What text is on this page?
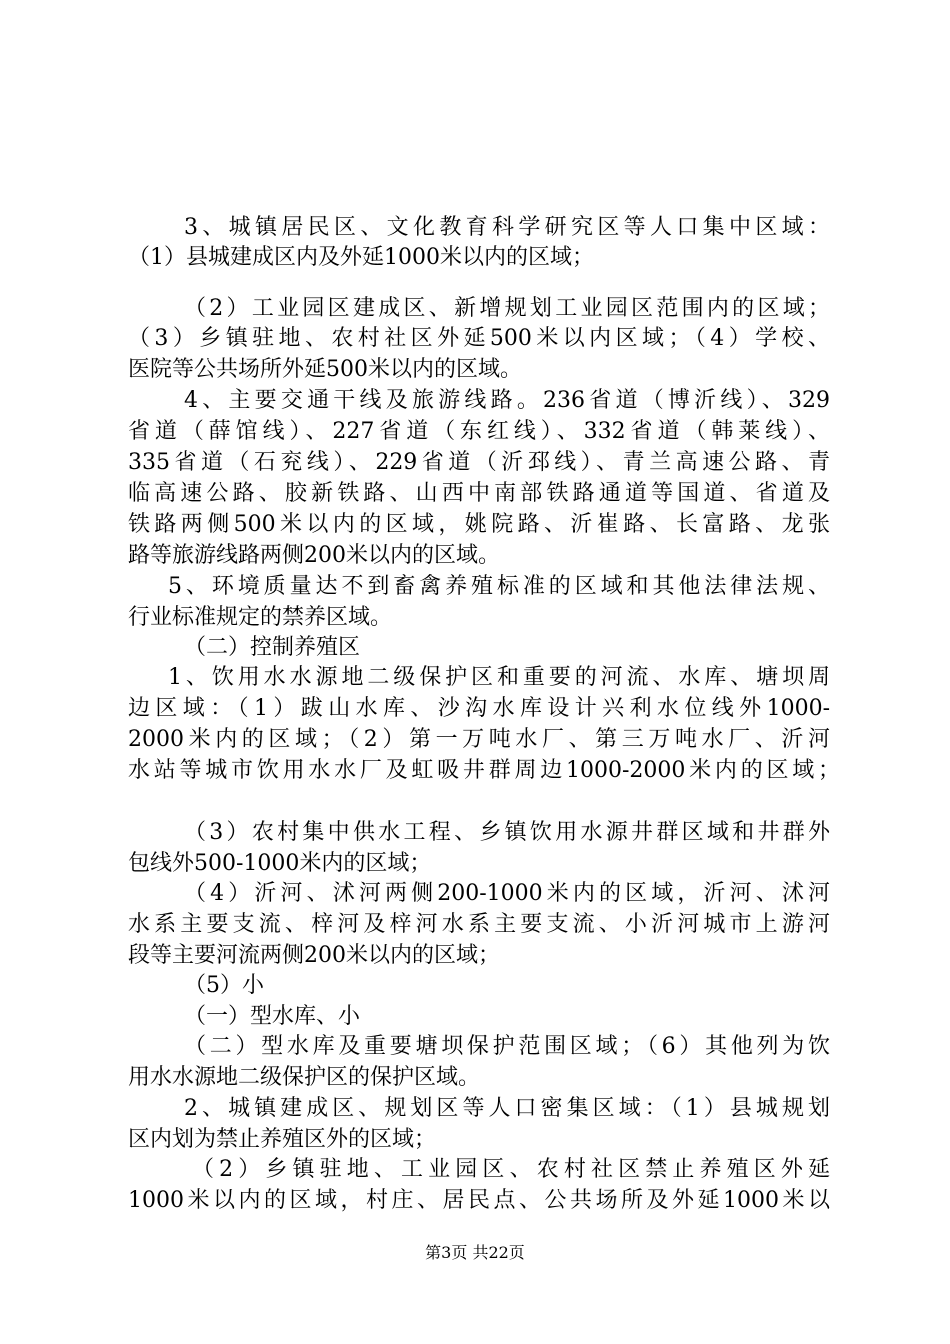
3、城镇居民区、文化教育科学研究区等人口集中区域：
（1）县城建成区内及外延1000米以内的区域；
（2）工业园区建成区、新增规划工业园区范围内的区域；
（3）乡镇驻地、农村社区外延500米以内区域；（4）学校、
医院等公共场所外延500米以内的区域。
4、主要交通干线及旅游线路。236省道（博沂线）、329
省道（薛馆线）、227省道（东红线）、332省道（韩莱线）、
335省道（石兖线）、229省道（沂邳线）、青兰高速公路、青
临高速公路、胶新铁路、山西中南部铁路通道等国道、省道及
铁路两侧500米以内的区域，姚院路、沂崔路、长富路、龙张
路等旅游线路两侧200米以内的区域。
5、环境质量达不到畜禽养殖标准的区域和其他法律法规、
行业标准规定的禁养区域。
（二）控制养殖区
1、饮用水水源地二级保护区和重要的河流、水库、塘坝周
边区域：（1）跋山水库、沙沟水库设计兴利水位线外1000-
2000米内的区域；（2）第一万吨水厂、第三万吨水厂、沂河
水站等城市饮用水水厂及虹吸井群周边1000-2000米内的区域；
（3）农村集中供水工程、乡镇饮用水源井群区域和井群外
包线外500-1000米内的区域；
（4）沂河、沭河两侧200-1000米内的区域，沂河、沭河
水系主要支流、梓河及梓河水系主要支流、小沂河城市上游河
段等主要河流两侧200米以内的区域；
（5）小
（一）型水库、小
（二）型水库及重要塘坝保护范围区域；（6）其他列为饮
用水水源地二级保护区的保护区域。
2、城镇建成区、规划区等人口密集区域：（1）县城规划
区内划为禁止养殖区外的区域；
（2）乡镇驻地、工业园区、农村社区禁止养殖区外延
1000米以内的区域，村庄、居民点、公共场所及外延1000米以
第3页 共22页
